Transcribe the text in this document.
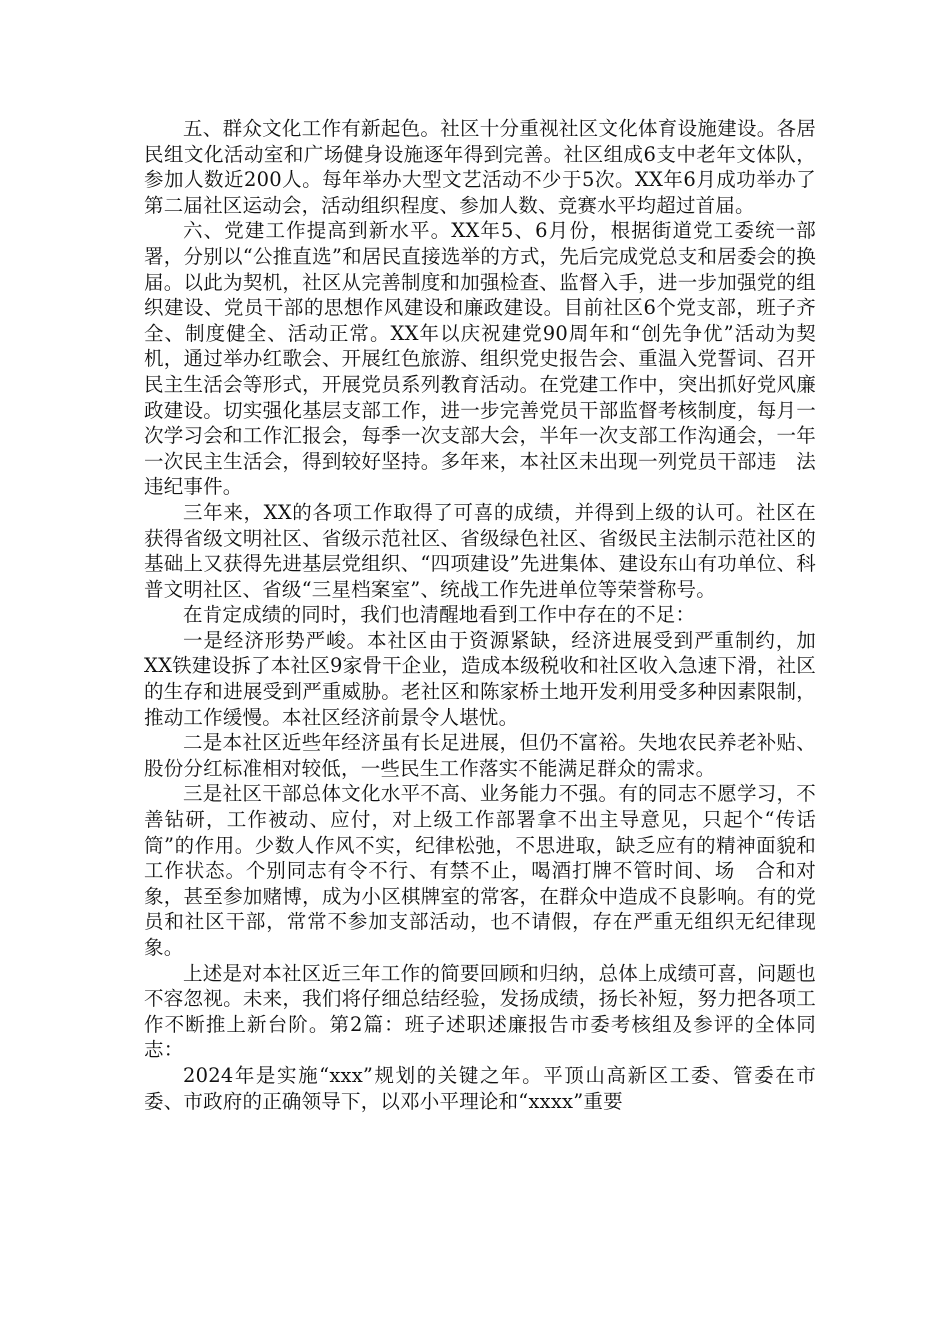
五、群众文化工作有新起色。社区十分重视社区文化体育设施建设。各居民组文化活动室和广场健身设施逐年得到完善。社区组成6支中老年文体队，参加人数近200人。每年举办大型文艺活动不少于5次。XX年6月成功举办了第二届社区运动会，活动组织程度、参加人数、竞赛水平均超过首届。

六、党建工作提高到新水平。XX年5、6月份，根据街道党工委统一部署，分别以“公推直选”和居民直接选举的方式，先后完成党总支和居委会的换届。以此为契机，社区从完善制度和加强检查、监督入手，进一步加强党的组织建设、党员干部的思想作风建设和廉政建设。目前社区6个党支部，班子齐全、制度健全、活动正常。XX年以庆祝建党90周年和“创先争优”活动为契机，通过举办红歌会、开展红色旅游、组织党史报告会、重温入党誓词、召开民主生活会等形式，开展党员系列教育活动。在党建工作中，突出抓好党风廉政建设。切实强化基层支部工作，进一步完善党员干部监督考核制度，每月一次学习会和工作汇报会，每季一次支部大会，半年一次支部工作沟通会，一年一次民主生活会，得到较好坚持。多年来，本社区未出现一列党员干部违　法违纪事件。

三年来，XX的各项工作取得了可喜的成绩，并得到上级的认可。社区在获得省级文明社区、省级示范社区、省级绿色社区、省级民主法制示范社区的基础上又获得先进基层党组织、“四项建设”先进集体、建设东山有功单位、科普文明社区、省级“三星档案室”、统战工作先进单位等荣誉称号。

在肯定成绩的同时，我们也清醒地看到工作中存在的不足：

一是经济形势严峻。本社区由于资源紧缺，经济进展受到严重制约，加XX铁建设拆了本社区9家骨干企业，造成本级税收和社区收入急速下滑，社区的生存和进展受到严重威胁。老社区和陈家桥土地开发利用受多种因素限制，推动工作缓慢。本社区经济前景令人堪忧。

二是本社区近些年经济虽有长足进展，但仍不富裕。失地农民养老补贴、股份分红标准相对较低，一些民生工作落实不能满足群众的需求。

三是社区干部总体文化水平不高、业务能力不强。有的同志不愿学习，不善钻研，工作被动、应付，对上级工作部署拿不出主导意见，只起个“传话筒”的作用。少数人作风不实，纪律松弛，不思进取，缺乏应有的精神面貌和工作状态。个别同志有令不行、有禁不止，喝酒打牌不管时间、场　合和对象，甚至参加赌博，成为小区棋牌室的常客，在群众中造成不良影响。有的党员和社区干部，常常不参加支部活动，也不请假，存在严重无组织无纪律现象。

上述是对本社区近三年工作的简要回顾和归纳，总体上成绩可喜，问题也不容忽视。未来，我们将仔细总结经验，发扬成绩，扬长补短，努力把各项工作不断推上新台阶。第2篇：班子述职述廉报告市委考核组及参评的全体同志：

2024年是实施“xxx”规划的关键之年。平顶山高新区工委、管委在市委、市政府的正确领导下，以邓小平理论和“xxxx”重要
